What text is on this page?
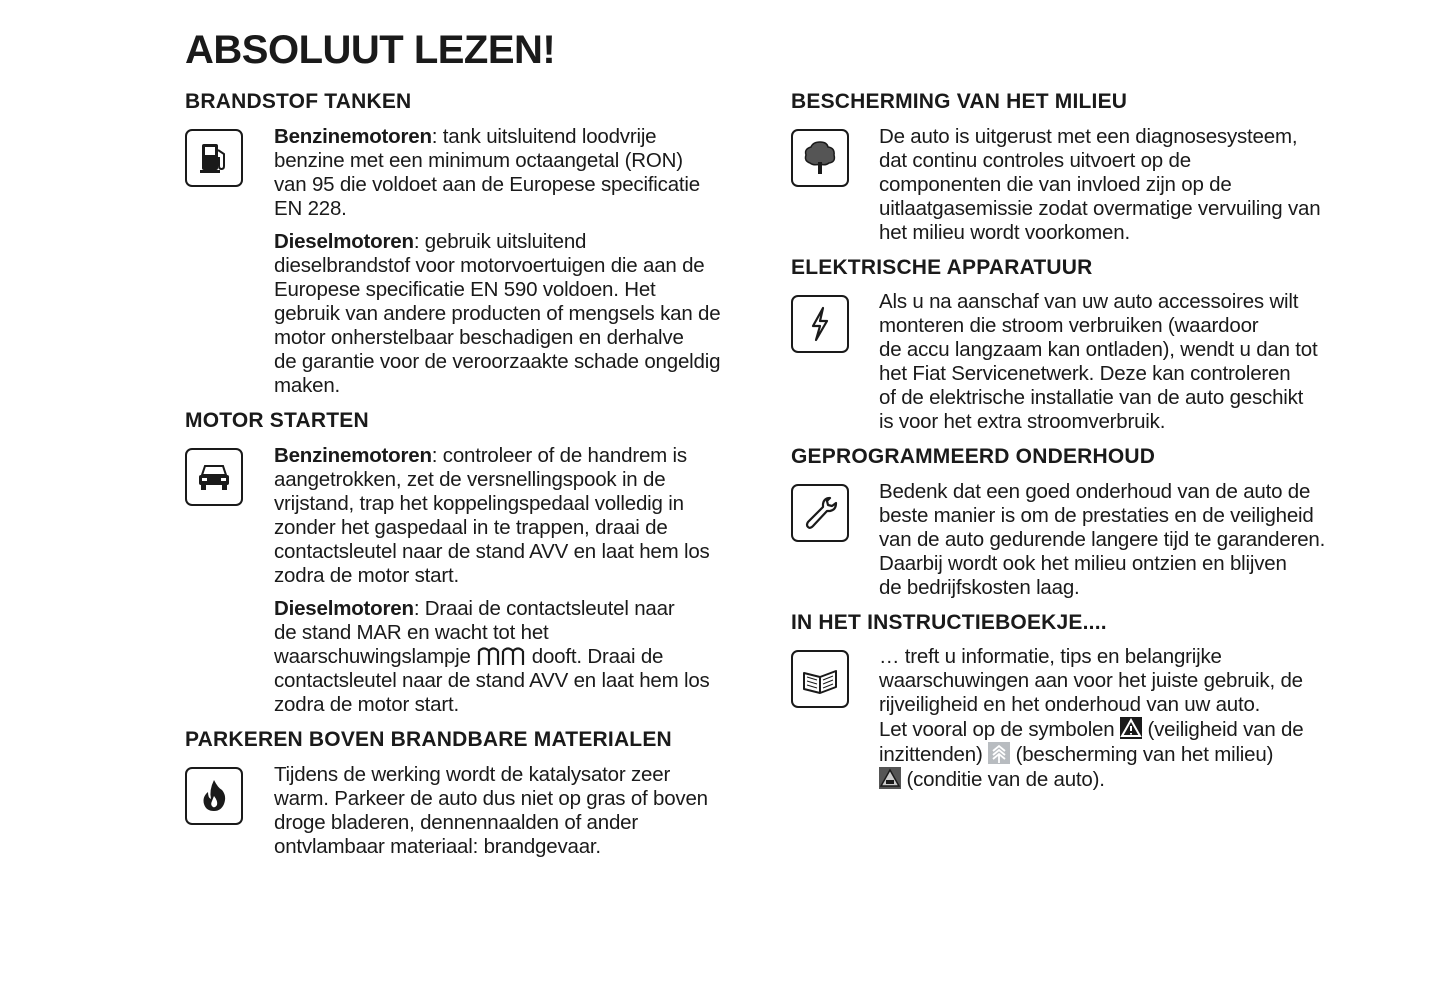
ABSOLUUT LEZEN!
BRANDSTOF TANKEN
Benzinemotoren: tank uitsluitend loodvrije
benzine met een minimum octaangetal (RON)
van 95 die voldoet aan de Europese specificatie
EN 228.
Dieselmotoren: gebruik uitsluitend
dieselbrandstof voor motorvoertuigen die aan de
Europese specificatie EN 590 voldoen. Het
gebruik van andere producten of mengsels kan de
motor onherstelbaar beschadigen en derhalve
de garantie voor de veroorzaakte schade ongeldig
maken.
MOTOR STARTEN
Benzinemotoren: controleer of de handrem is
aangetrokken, zet de versnellingspook in de
vrijstand, trap het koppelingspedaal volledig in
zonder het gaspedaal in te trappen, draai de
contactsleutel naar de stand AVV en laat hem los
zodra de motor start.
Dieselmotoren: Draai de contactsleutel naar
de stand MAR en wacht tot het
waarschuwingslampje	dooft. Draai de
contactsleutel naar de stand AVV en laat hem los
zodra de motor start.
PARKEREN BOVEN BRANDBARE MATERIALEN
Tijdens de werking wordt de katalysator zeer
warm. Parkeer de auto dus niet op gras of boven
droge bladeren, dennennaalden of ander
ontvlambaar materiaal: brandgevaar.
BESCHERMING VAN HET MILIEU
De auto is uitgerust met een diagnosesysteem,
dat continu controles uitvoert op de
componenten die van invloed zijn op de
uitlaatgasemissie zodat overmatige vervuiling van
het milieu wordt voorkomen.
ELEKTRISCHE APPARATUUR
Als u na aanschaf van uw auto accessoires wilt
monteren die stroom verbruiken (waardoor
de accu langzaam kan ontladen), wendt u dan tot
het Fiat Servicenetwerk. Deze kan controleren
of de elektrische installatie van de auto geschikt
is voor het extra stroomverbruik.
GEPROGRAMMEERD ONDERHOUD
Bedenk dat een goed onderhoud van de auto de
beste manier is om de prestaties en de veiligheid
van de auto gedurende langere tijd te garanderen.
Daarbij wordt ook het milieu ontzien en blijven
de bedrijfskosten laag.
IN HET INSTRUCTIEBOEKJE....
… treft u informatie, tips en belangrijke
waarschuwingen aan voor het juiste gebruik, de
rijveiligheid en het onderhoud van uw auto.
Let vooral op de symbolen (veiligheid van de
inzittenden) (bescherming van het milieu)
(conditie van de auto).
